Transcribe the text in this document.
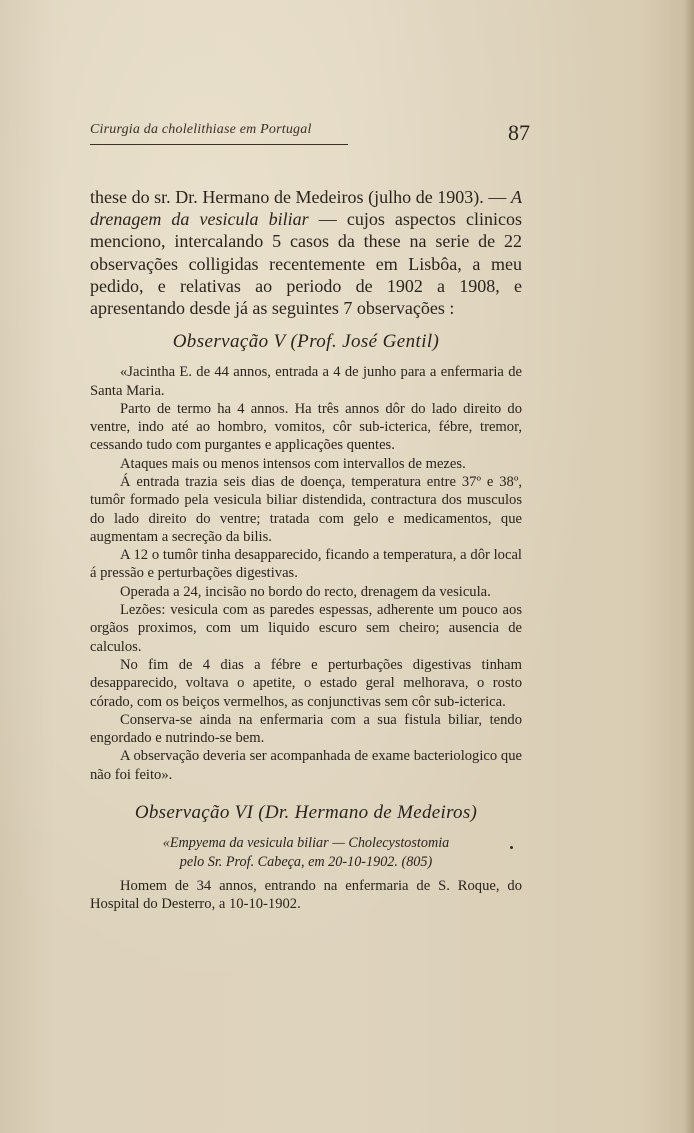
Cirurgia da cholelithiase em Portugal	87

these do sr. Dr. Hermano de Medeiros (julho de 1903). — A drenagem da vesicula biliar — cujos aspectos clinicos menciono, intercalando 5 casos da these na serie de 22 observações colligidas recentemente em Lisbôa, a meu pedido, e relativas ao periodo de 1902 a 1908, e apresentando desde já as seguintes 7 observações :

Observação V (Prof. José Gentil)

«Jacintha E. de 44 annos, entrada a 4 de junho para a enfermaria de Santa Maria.

Parto de termo ha 4 annos. Ha três annos dôr do lado direito do ventre, indo até ao hombro, vomitos, côr sub-icterica, fébre, tremor, cessando tudo com purgantes e applicações quentes.

Ataques mais ou menos intensos com intervallos de mezes.

Á entrada trazia seis dias de doença, temperatura entre 37º e 38º, tumôr formado pela vesicula biliar distendida, contractura dos musculos do lado direito do ventre; tratada com gelo e medicamentos, que augmentam a secreção da bilis.

A 12 o tumôr tinha desapparecido, ficando a temperatura, a dôr local á pressão e perturbações digestivas.

Operada a 24, incisão no bordo do recto, drenagem da vesicula.

Lezões: vesicula com as paredes espessas, adherente um pouco aos orgãos proximos, com um liquido escuro sem cheiro; ausencia de calculos.

No fim de 4 dias a fébre e perturbações digestivas tinham desapparecido, voltava o apetite, o estado geral melhorava, o rosto córado, com os beiços vermelhos, as conjunctivas sem côr sub-icterica.

Conserva-se ainda na enfermaria com a sua fistula biliar, tendo engordado e nutrindo-se bem.

A observação deveria ser acompanhada de exame bacteriologico que não foi feito».

Observação VI (Dr. Hermano de Medeiros)
«Empyema da vesicula biliar — Cholecystostomia
pelo Sr. Prof. Cabeça, em 20-10-1902. (805)

Homem de 34 annos, entrando na enfermaria de S. Roque, do Hospital do Desterro, a 10-10-1902.
